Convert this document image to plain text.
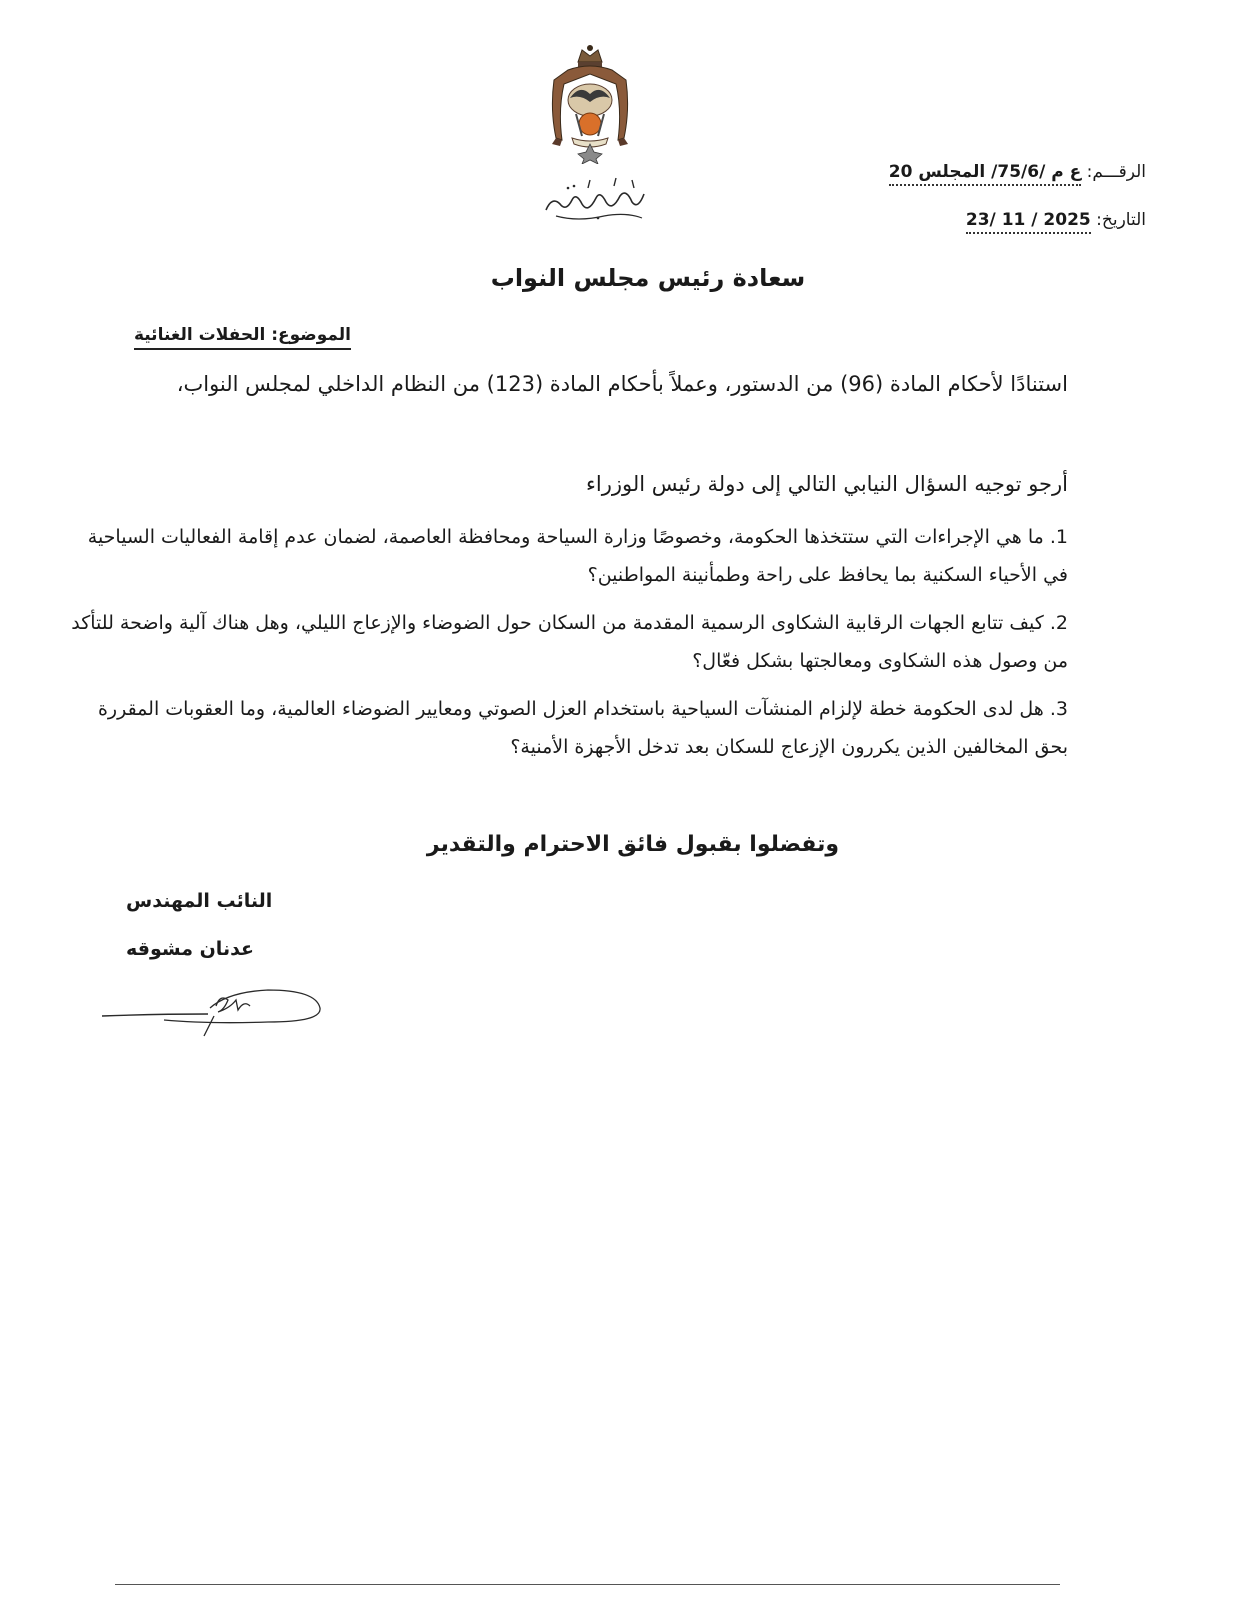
الرقـــم: ع م /75/6/ المجلس 20
التاريخ: 2025 / 11 /23
سعادة رئيس مجلس النواب
الموضوع: الحفلات الغنائية

استنادًا لأحكام المادة (96) من الدستور، وعملاً بأحكام المادة (123) من النظام الداخلي لمجلس النواب،

أرجو توجيه السؤال النيابي التالي إلى دولة رئيس الوزراء

1. ما هي الإجراءات التي ستتخذها الحكومة، وخصوصًا وزارة السياحة ومحافظة العاصمة، لضمان عدم إقامة الفعاليات السياحية في الأحياء السكنية بما يحافظ على راحة وطمأنينة المواطنين؟

2. كيف تتابع الجهات الرقابية الشكاوى الرسمية المقدمة من السكان حول الضوضاء والإزعاج الليلي، وهل هناك آلية واضحة للتأكد من وصول هذه الشكاوى ومعالجتها بشكل فعّال؟

3. هل لدى الحكومة خطة لإلزام المنشآت السياحية باستخدام العزل الصوتي ومعايير الضوضاء العالمية، وما العقوبات المقررة بحق المخالفين الذين يكررون الإزعاج للسكان بعد تدخل الأجهزة الأمنية؟

وتفضلوا بقبول فائق الاحترام والتقدير
النائب المهندس
عدنان مشوقه
